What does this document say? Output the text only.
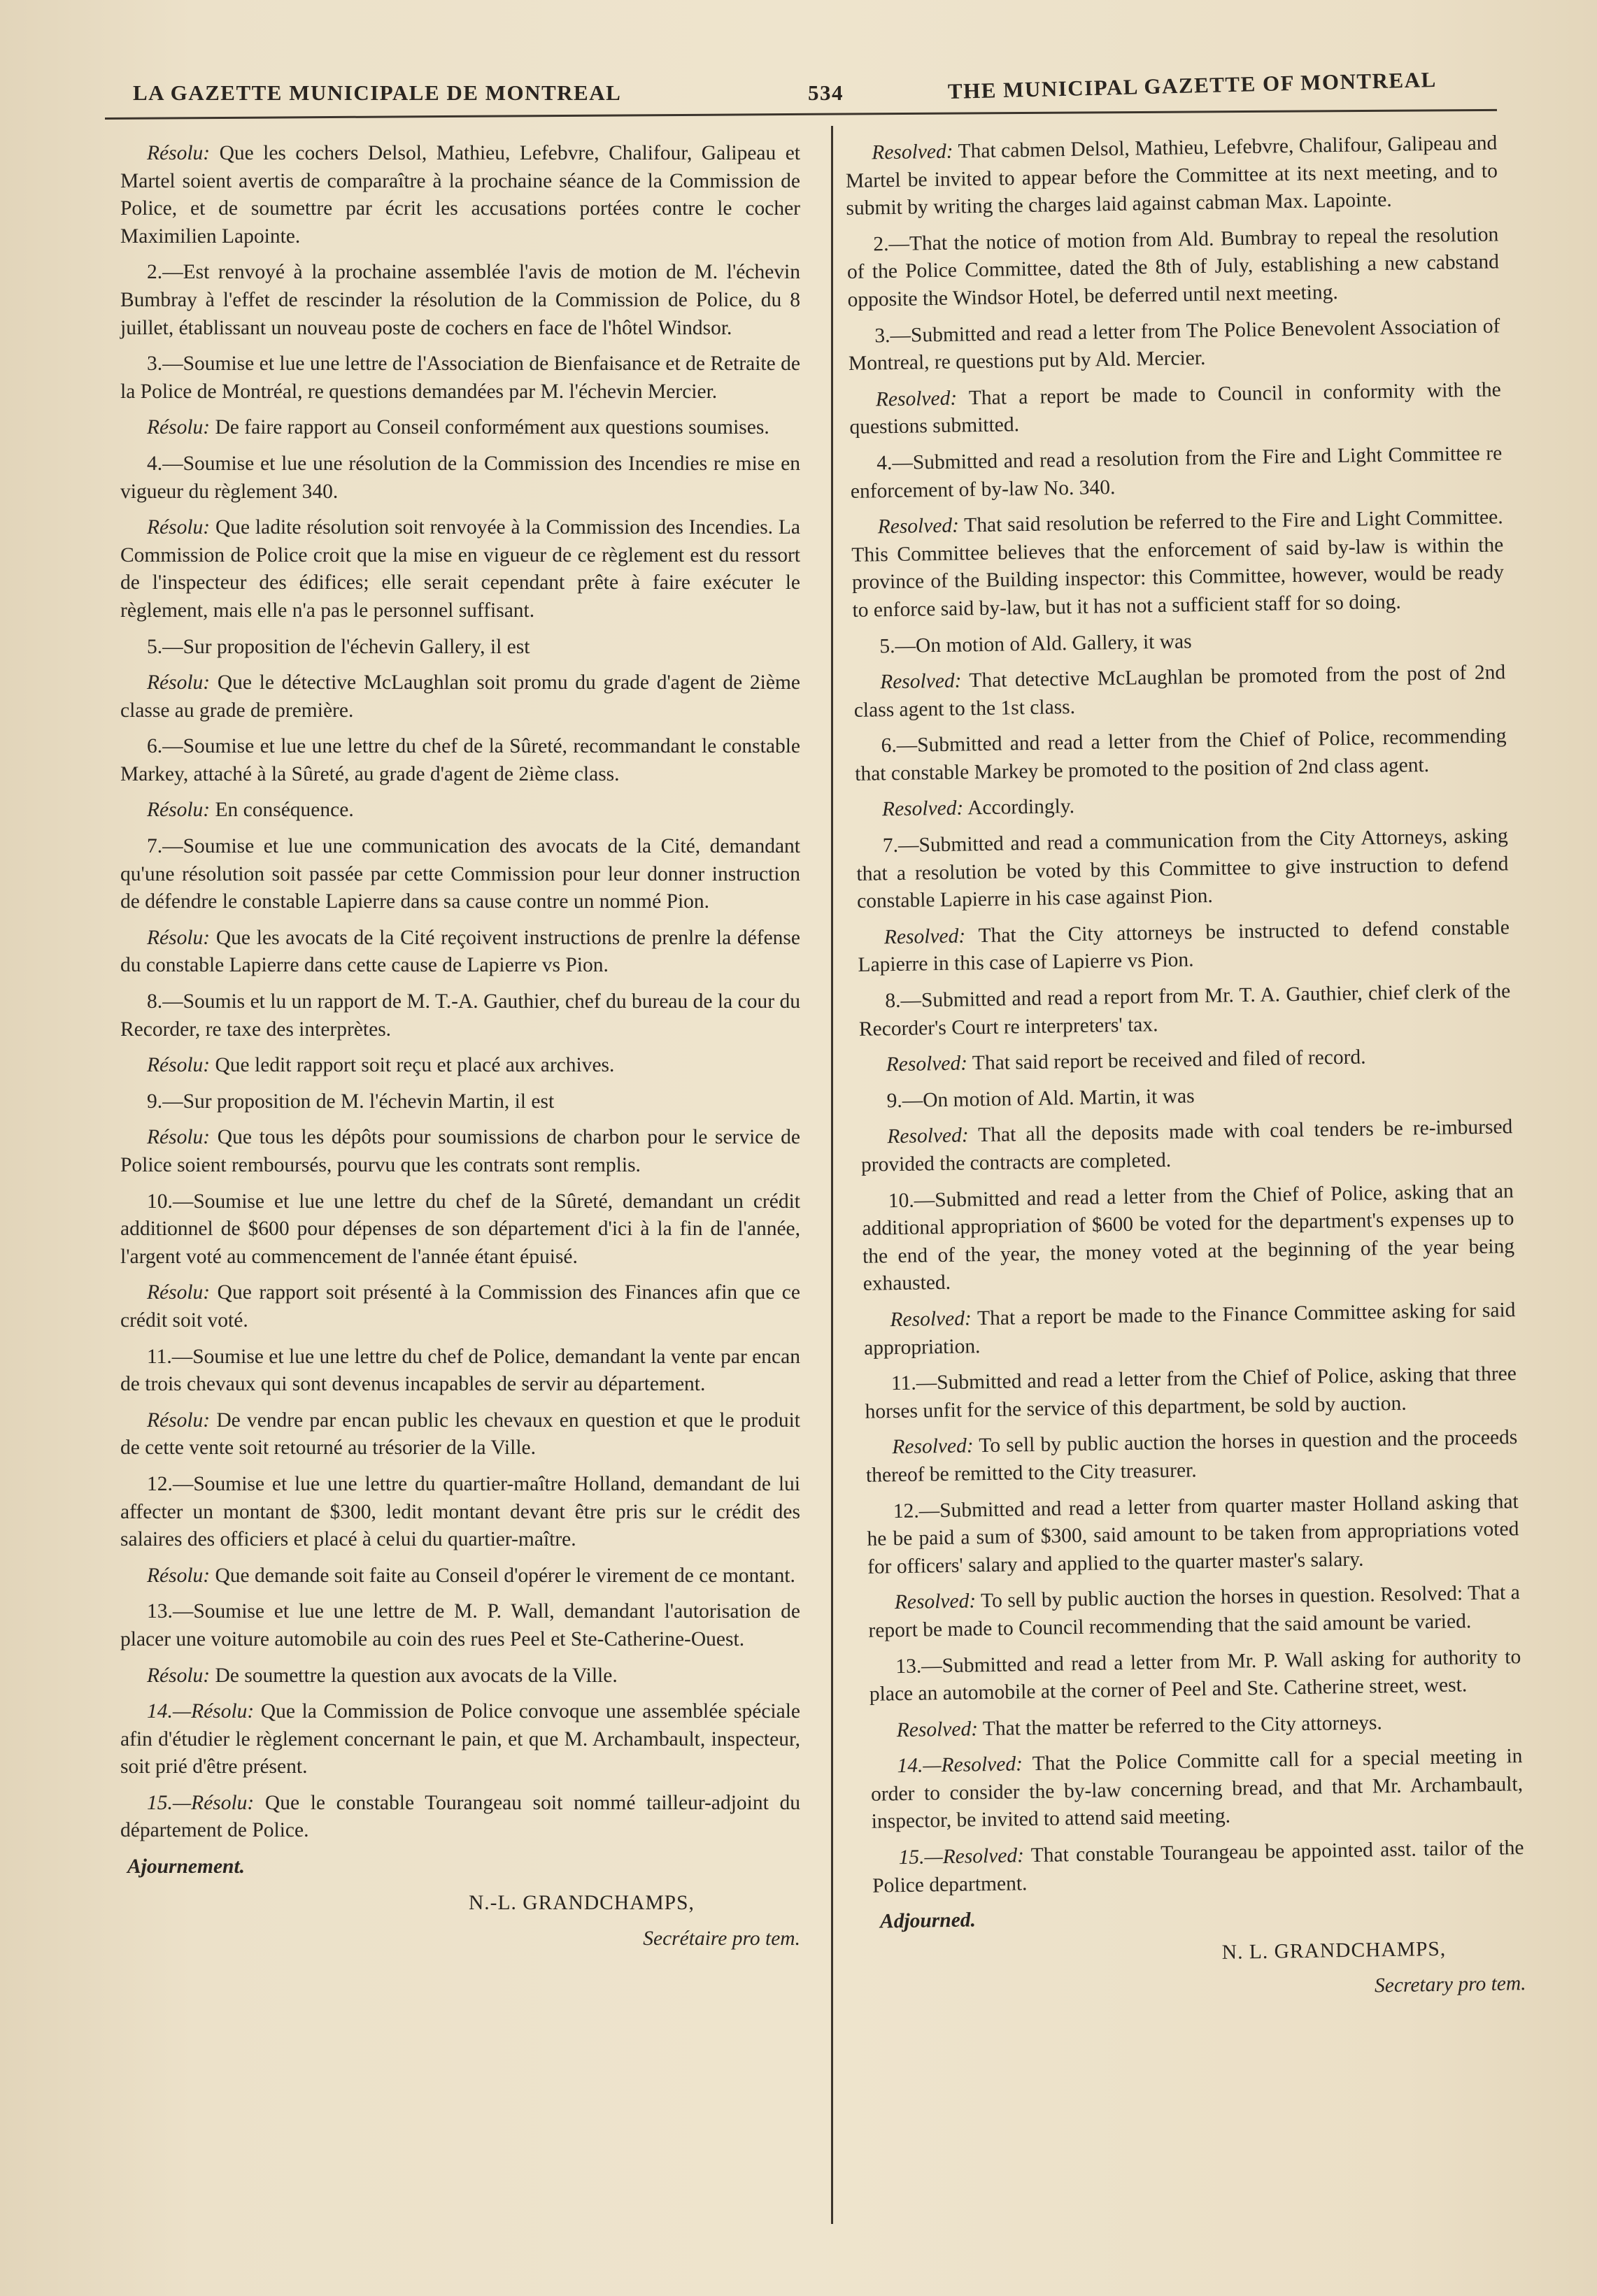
LA GAZETTE MUNICIPALE DE MONTREAL	534	THE MUNICIPAL GAZETTE OF MONTREAL

Résolu: Que les cochers Delsol, Mathieu, Lefebvre, Chalifour, Galipeau et Martel soient avertis de comparaître à la prochaine séance de la Commission de Police, et de soumettre par écrit les accusations portées contre le cocher Maximilien Lapointe.

2.—Est renvoyé à la prochaine assemblée l'avis de motion de M. l'échevin Bumbray à l'effet de rescinder la résolution de la Commission de Police, du 8 juillet, établissant un nouveau poste de cochers en face de l'hôtel Windsor.

3.—Soumise et lue une lettre de l'Association de Bienfaisance et de Retraite de la Police de Montréal, re questions demandées par M. l'échevin Mercier.

Résolu: De faire rapport au Conseil conformément aux questions soumises.

4.—Soumise et lue une résolution de la Commission des Incendies re mise en vigueur du règlement 340.

Résolu: Que ladite résolution soit renvoyée à la Commission des Incendies. La Commission de Police croit que la mise en vigueur de ce règlement est du ressort de l'inspecteur des édifices; elle serait cependant prête à faire exécuter le règlement, mais elle n'a pas le personnel suffisant.

5.—Sur proposition de l'échevin Gallery, il est

Résolu: Que le détective McLaughlan soit promu du grade d'agent de 2ième classe au grade de première.

6.—Soumise et lue une lettre du chef de la Sûreté, recommandant le constable Markey, attaché à la Sûreté, au grade d'agent de 2ième class.

Résolu: En conséquence.

7.—Soumise et lue une communication des avocats de la Cité, demandant qu'une résolution soit passée par cette Commission pour leur donner instruction de défendre le constable Lapierre dans sa cause contre un nommé Pion.

Résolu: Que les avocats de la Cité reçoivent instructions de prenlre la défense du constable Lapierre dans cette cause de Lapierre vs Pion.

8.—Soumis et lu un rapport de M. T.-A. Gauthier, chef du bureau de la cour du Recorder, re taxe des interprètes.

Résolu: Que ledit rapport soit reçu et placé aux archives.

9.—Sur proposition de M. l'échevin Martin, il est

Résolu: Que tous les dépôts pour soumissions de charbon pour le service de Police soient remboursés, pourvu que les contrats sont remplis.

10.—Soumise et lue une lettre du chef de la Sûreté, demandant un crédit additionnel de $600 pour dépenses de son département d'ici à la fin de l'année, l'argent voté au commencement de l'année étant épuisé.

Résolu: Que rapport soit présenté à la Commission des Finances afin que ce crédit soit voté.

11.—Soumise et lue une lettre du chef de Police, demandant la vente par encan de trois chevaux qui sont devenus incapables de servir au département.

Résolu: De vendre par encan public les chevaux en question et que le produit de cette vente soit retourné au trésorier de la Ville.

12.—Soumise et lue une lettre du quartier-maître Holland, demandant de lui affecter un montant de $300, ledit montant devant être pris sur le crédit des salaires des officiers et placé à celui du quartier-maître.

Résolu: Que demande soit faite au Conseil d'opérer le virement de ce montant.

13.—Soumise et lue une lettre de M. P. Wall, demandant l'autorisation de placer une voiture automobile au coin des rues Peel et Ste-Catherine-Ouest.

Résolu: De soumettre la question aux avocats de la Ville.

14.—Résolu: Que la Commission de Police convoque une assemblée spéciale afin d'étudier le règlement concernant le pain, et que M. Archambault, inspecteur, soit prié d'être présent.

15.—Résolu: Que le constable Tourangeau soit nommé tailleur-adjoint du département de Police.

Ajournement.

N.-L. GRANDCHAMPS,

Secrétaire pro tem.

Resolved: That cabmen Delsol, Mathieu, Lefebvre, Chalifour, Galipeau and Martel be invited to appear before the Committee at its next meeting, and to submit by writing the charges laid against cabman Max. Lapointe.

2.—That the notice of motion from Ald. Bumbray to repeal the resolution of the Police Committee, dated the 8th of July, establishing a new cabstand opposite the Windsor Hotel, be deferred until next meeting.

3.—Submitted and read a letter from The Police Benevolent Association of Montreal, re questions put by Ald. Mercier.

Resolved: That a report be made to Council in conformity with the questions submitted.

4.—Submitted and read a resolution from the Fire and Light Committee re enforcement of by-law No. 340.

Resolved: That said resolution be referred to the Fire and Light Committee. This Committee believes that the enforcement of said by-law is within the province of the Building inspector: this Committee, however, would be ready to enforce said by-law, but it has not a sufficient staff for so doing.

5.—On motion of Ald. Gallery, it was

Resolved: That detective McLaughlan be promoted from the post of 2nd class agent to the 1st class.

6.—Submitted and read a letter from the Chief of Police, recommending that constable Markey be promoted to the position of 2nd class agent.

Resolved: Accordingly.

7.—Submitted and read a communication from the City Attorneys, asking that a resolution be voted by this Committee to give instruction to defend constable Lapierre in his case against Pion.

Resolved: That the City attorneys be instructed to defend constable Lapierre in this case of Lapierre vs Pion.

8.—Submitted and read a report from Mr. T. A. Gauthier, chief clerk of the Recorder's Court re interpreters' tax.

Resolved: That said report be received and filed of record.

9.—On motion of Ald. Martin, it was

Resolved: That all the deposits made with coal tenders be re-imbursed provided the contracts are completed.

10.—Submitted and read a letter from the Chief of Police, asking that an additional appropriation of $600 be voted for the department's expenses up to the end of the year, the money voted at the beginning of the year being exhausted.

Resolved: That a report be made to the Finance Committee asking for said appropriation.

11.—Submitted and read a letter from the Chief of Police, asking that three horses unfit for the service of this department, be sold by auction.

Resolved: To sell by public auction the horses in question and the proceeds thereof be remitted to the City treasurer.

12.—Submitted and read a letter from quarter master Holland asking that he be paid a sum of $300, said amount to be taken from appropriations voted for officers' salary and applied to the quarter master's salary.

Resolved: To sell by public auction the horses in question. Resolved: That a report be made to Council recommending that the said amount be varied.

13.—Submitted and read a letter from Mr. P. Wall asking for authority to place an automobile at the corner of Peel and Ste. Catherine street, west.

Resolved: That the matter be referred to the City attorneys.

14.—Resolved: That the Police Committe call for a special meeting in order to consider the by-law concerning bread, and that Mr. Archambault, inspector, be invited to attend said meeting.

15.—Resolved: That constable Tourangeau be appointed asst. tailor of the Police department.

Adjourned.

N. L. GRANDCHAMPS,

Secretary pro tem.
